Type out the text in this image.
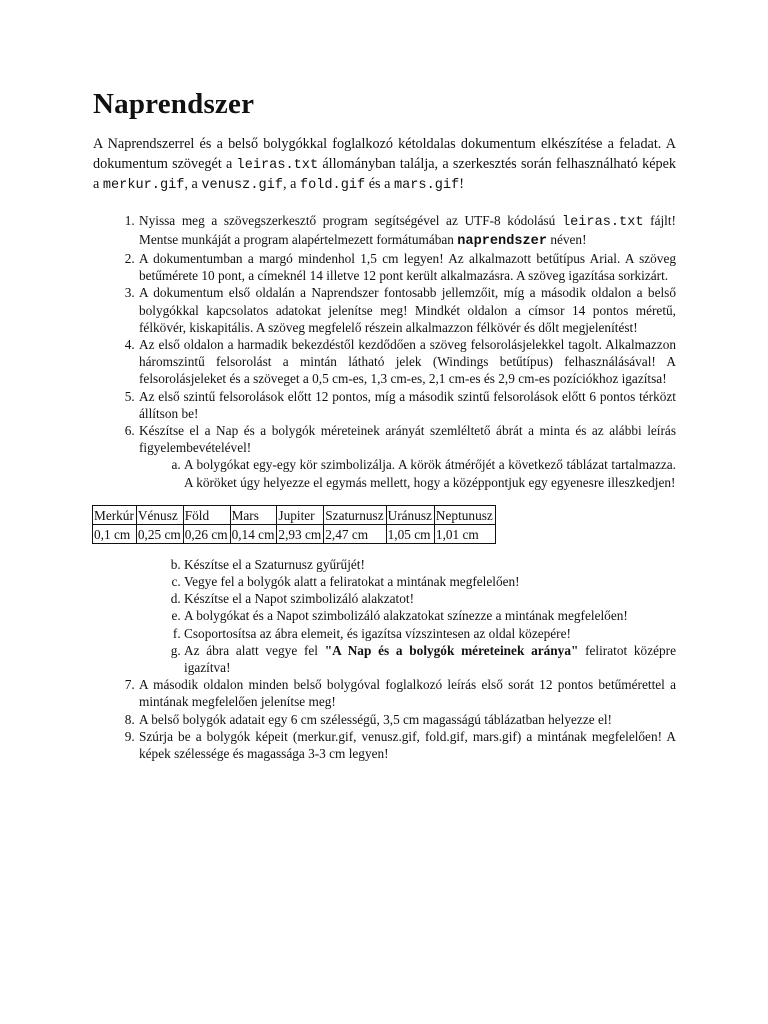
Naprendszer

A Naprendszerrel és a belső bolygókkal foglalkozó kétoldalas dokumentum elkészítése a feladat. A dokumentum szövegét a leiras.txt állományban találja, a szerkesztés során felhasználható képek a merkur.gif, a venusz.gif, a fold.gif és a mars.gif!

1. Nyissa meg a szövegszerkesztő program segítségével az UTF-8 kódolású leiras.txt fájlt! Mentse munkáját a program alapértelmezett formátumában naprendszer néven!
2. A dokumentumban a margó mindenhol 1,5 cm legyen! Az alkalmazott betűtípus Arial. A szöveg betűmérete 10 pont, a címeknél 14 illetve 12 pont került alkalmazásra. A szöveg igazítása sorkizárt.
3. A dokumentum első oldalán a Naprendszer fontosabb jellemzőit, míg a második oldalon a belső bolygókkal kapcsolatos adatokat jelenítse meg! Mindkét oldalon a címsor 14 pontos méretű, félkövér, kiskapitális. A szöveg megfelelő részein alkalmazzon félkövér és dőlt megjelenítést!
4. Az első oldalon a harmadik bekezdéstől kezdődően a szöveg felsorolásjelekkel tagolt. Alkalmazzon háromszintű felsorolást a mintán látható jelek (Windings betűtípus) felhasználásával! A felsorolásjeleket és a szöveget a 0,5 cm-es, 1,3 cm-es, 2,1 cm-es és 2,9 cm-es pozíciókhoz igazítsa!
5. Az első szintű felsorolások előtt 12 pontos, míg a második szintű felsorolások előtt 6 pontos térközt állítson be!
6. Készítse el a Nap és a bolygók méreteinek arányát szemléltető ábrát a minta és az alábbi leírás figyelembevételével!
a. A bolygókat egy-egy kör szimbolizálja. A körök átmérőjét a következő táblázat tartalmazza. A köröket úgy helyezze el egymás mellett, hogy a középpontjuk egy egyenesre illeszkedjen!
Merkúr	Vénusz	Föld	Mars	Jupiter	Szaturnusz	Uránusz	Neptunusz
0,1 cm	0,25 cm	0,26 cm	0,14 cm	2,93 cm	2,47 cm	1,05 cm	1,01 cm
b. Készítse el a Szaturnusz gyűrűjét!
c. Vegye fel a bolygók alatt a feliratokat a mintának megfelelően!
d. Készítse el a Napot szimbolizáló alakzatot!
e. A bolygókat és a Napot szimbolizáló alakzatokat színezze a mintának megfelelően!
f. Csoportosítsa az ábra elemeit, és igazítsa vízszintesen az oldal közepére!
g. Az ábra alatt vegye fel "A Nap és a bolygók méreteinek aránya" feliratot középre igazítva!
7. A második oldalon minden belső bolygóval foglalkozó leírás első sorát 12 pontos betűmérettel a mintának megfelelően jelenítse meg!
8. A belső bolygók adatait egy 6 cm szélességű, 3,5 cm magasságú táblázatban helyezze el!
9. Szúrja be a bolygók képeit (merkur.gif, venusz.gif, fold.gif, mars.gif) a mintának megfelelően! A képek szélessége és magassága 3-3 cm legyen!
